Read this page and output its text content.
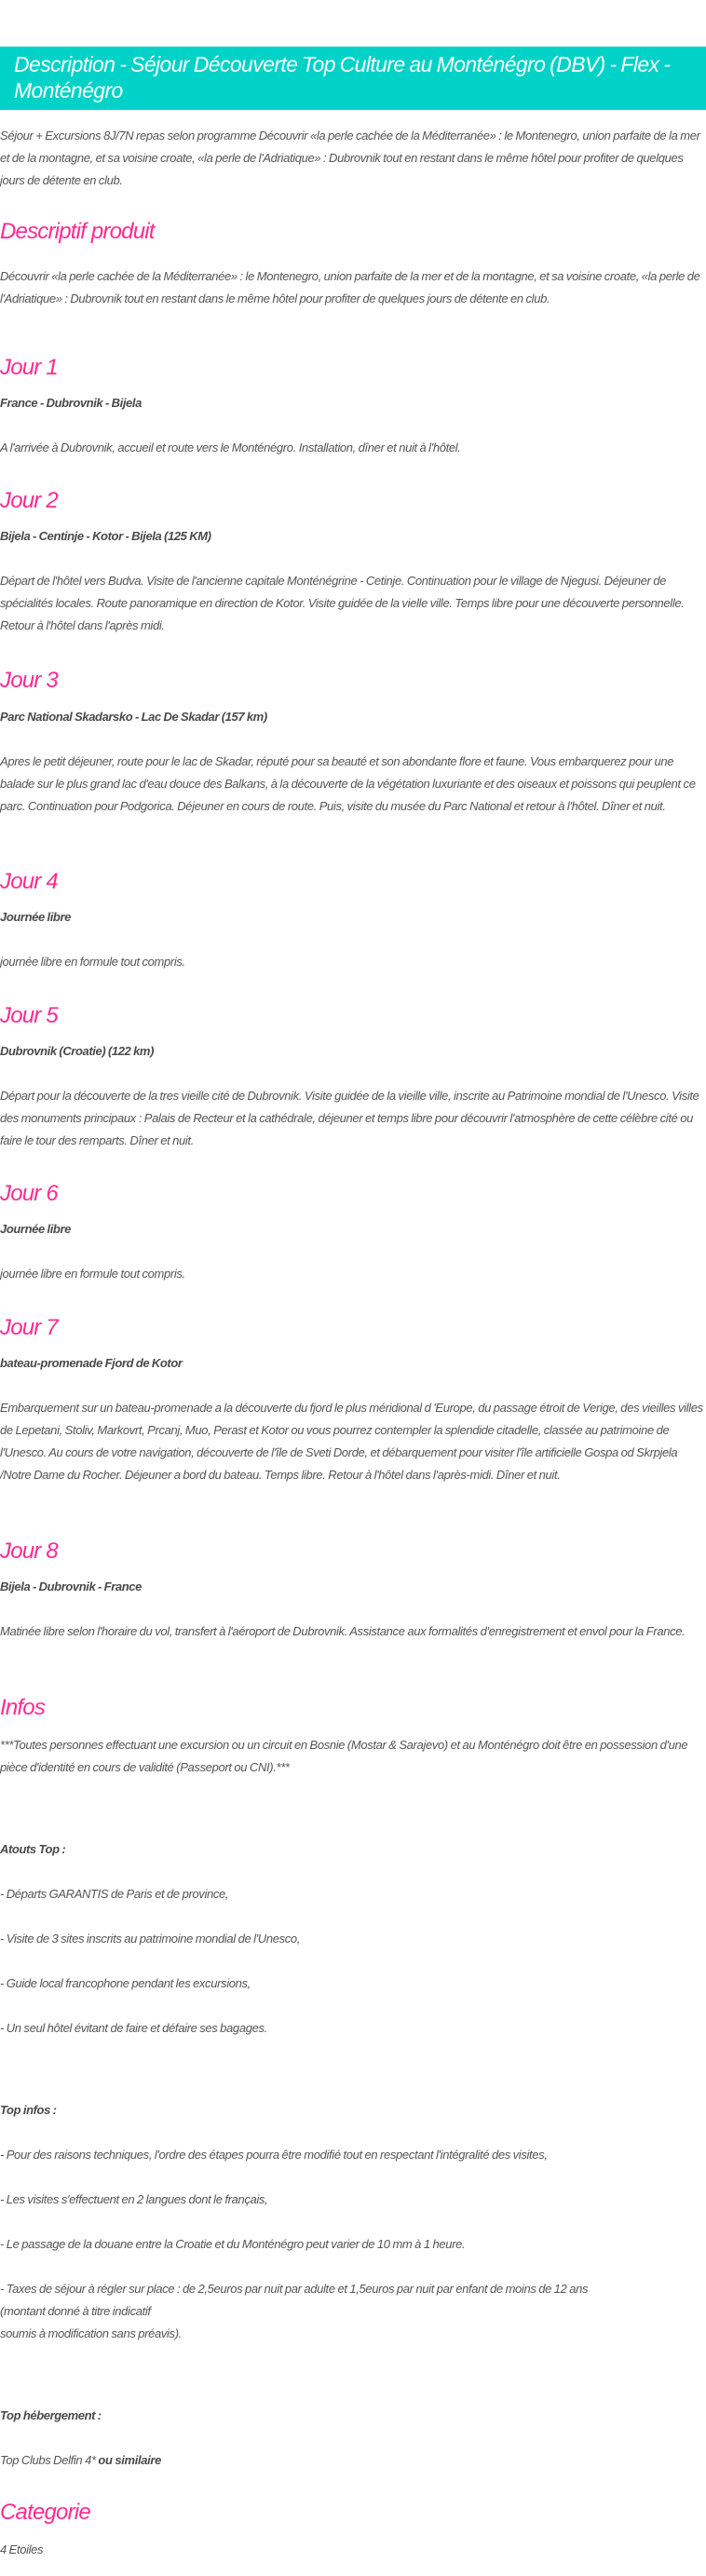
Description - Séjour Découverte Top Culture au Monténégro (DBV) - Flex - Monténégro
Séjour + Excursions 8J/7N repas selon programme Découvrir «la perle cachée de la Méditerranée» : le Montenegro, union parfaite de la mer et de la montagne, et sa voisine croate, «la perle de l'Adriatique» : Dubrovnik tout en restant dans le même hôtel pour profiter de quelques jours de détente en club.
Descriptif produit
Découvrir «la perle cachée de la Méditerranée» : le Montenegro, union parfaite de la mer et de la montagne, et sa voisine croate, «la perle de l'Adriatique» : Dubrovnik tout en restant dans le même hôtel pour profiter de quelques jours de détente en club.
Jour 1
France - Dubrovnik - Bijela
A l'arrivée à Dubrovnik, accueil et route vers le Monténégro. Installation, dîner et nuit à l'hôtel.
Jour 2
Bijela - Centinje - Kotor - Bijela (125 KM)
Départ de l'hôtel vers Budva. Visite de l'ancienne capitale Monténégrine - Cetinje. Continuation pour le village de Njegusi. Déjeuner de spécialités locales. Route panoramique en direction de Kotor. Visite guidée de la vielle ville. Temps libre pour une découverte personnelle. Retour à l'hôtel dans l'après midi.
Jour 3
Parc National Skadarsko - Lac De Skadar (157 km)
Apres le petit déjeuner, route pour le lac de Skadar, réputé pour sa beauté et son abondante flore et faune. Vous embarquerez pour une balade sur le plus grand lac d'eau douce des Balkans, à la découverte de la végétation luxuriante et des oiseaux et poissons qui peuplent ce parc. Continuation pour Podgorica. Déjeuner en cours de route. Puis, visite du musée du Parc National et retour à l'hôtel. Dîner et nuit.
Jour 4
Journée libre
journée libre en formule tout compris.
Jour 5
Dubrovnik (Croatie) (122 km)
Départ pour la découverte de la tres vieille cité de Dubrovnik. Visite guidée de la vieille ville, inscrite au Patrimoine mondial de l'Unesco. Visite des monuments principaux : Palais de Recteur et la cathédrale, déjeuner et temps libre pour découvrir l'atmosphère de cette célèbre cité ou faire le tour des remparts. Dîner et nuit.
Jour 6
Journée libre
journée libre en formule tout compris.
Jour 7
bateau-promenade Fjord de Kotor
Embarquement sur un bateau-promenade a la découverte du fjord le plus méridional d 'Europe, du passage étroit de Verige, des vieilles villes de Lepetani, Stoliv, Markovrt, Prcanj, Muo, Perast et Kotor ou vous pourrez contempler la splendide citadelle, classée au patrimoine de l'Unesco. Au cours de votre navigation, découverte de l'île de Sveti Dorde, et débarquement pour visiter l'île artificielle Gospa od Skrpjela /Notre Dame du Rocher. Déjeuner a bord du bateau. Temps libre. Retour à l'hôtel dans l'après-midi. Dîner et nuit.
Jour 8
Bijela - Dubrovnik - France
Matinée libre selon l'horaire du vol, transfert à l'aéroport de Dubrovnik. Assistance aux formalités d'enregistrement et envol pour la France.
Infos
***Toutes personnes effectuant une excursion ou un circuit en Bosnie (Mostar & Sarajevo) et au Monténégro doit être en possession d'une pièce d'identité en cours de validité (Passeport ou CNI).***
Atouts Top :
- Départs GARANTIS de Paris et de province,
- Visite de 3 sites inscrits au patrimoine mondial de l'Unesco,
- Guide local francophone pendant les excursions,
- Un seul hôtel évitant de faire et défaire ses bagages.
Top infos :
- Pour des raisons techniques, l'ordre des étapes pourra être modifié tout en respectant l'intégralité des visites,
- Les visites s'effectuent en 2 langues dont le français,
- Le passage de la douane entre la Croatie et du Monténégro peut varier de 10 mm à 1 heure.
- Taxes de séjour à régler sur place : de 2,5euros par nuit par adulte et 1,5euros par nuit par enfant de moins de 12 ans
(montant donné à titre indicatif
soumis à modification sans préavis).
Top hébergement :
Top Clubs Delfin 4* ou similaire
Categorie
4 Etoiles
